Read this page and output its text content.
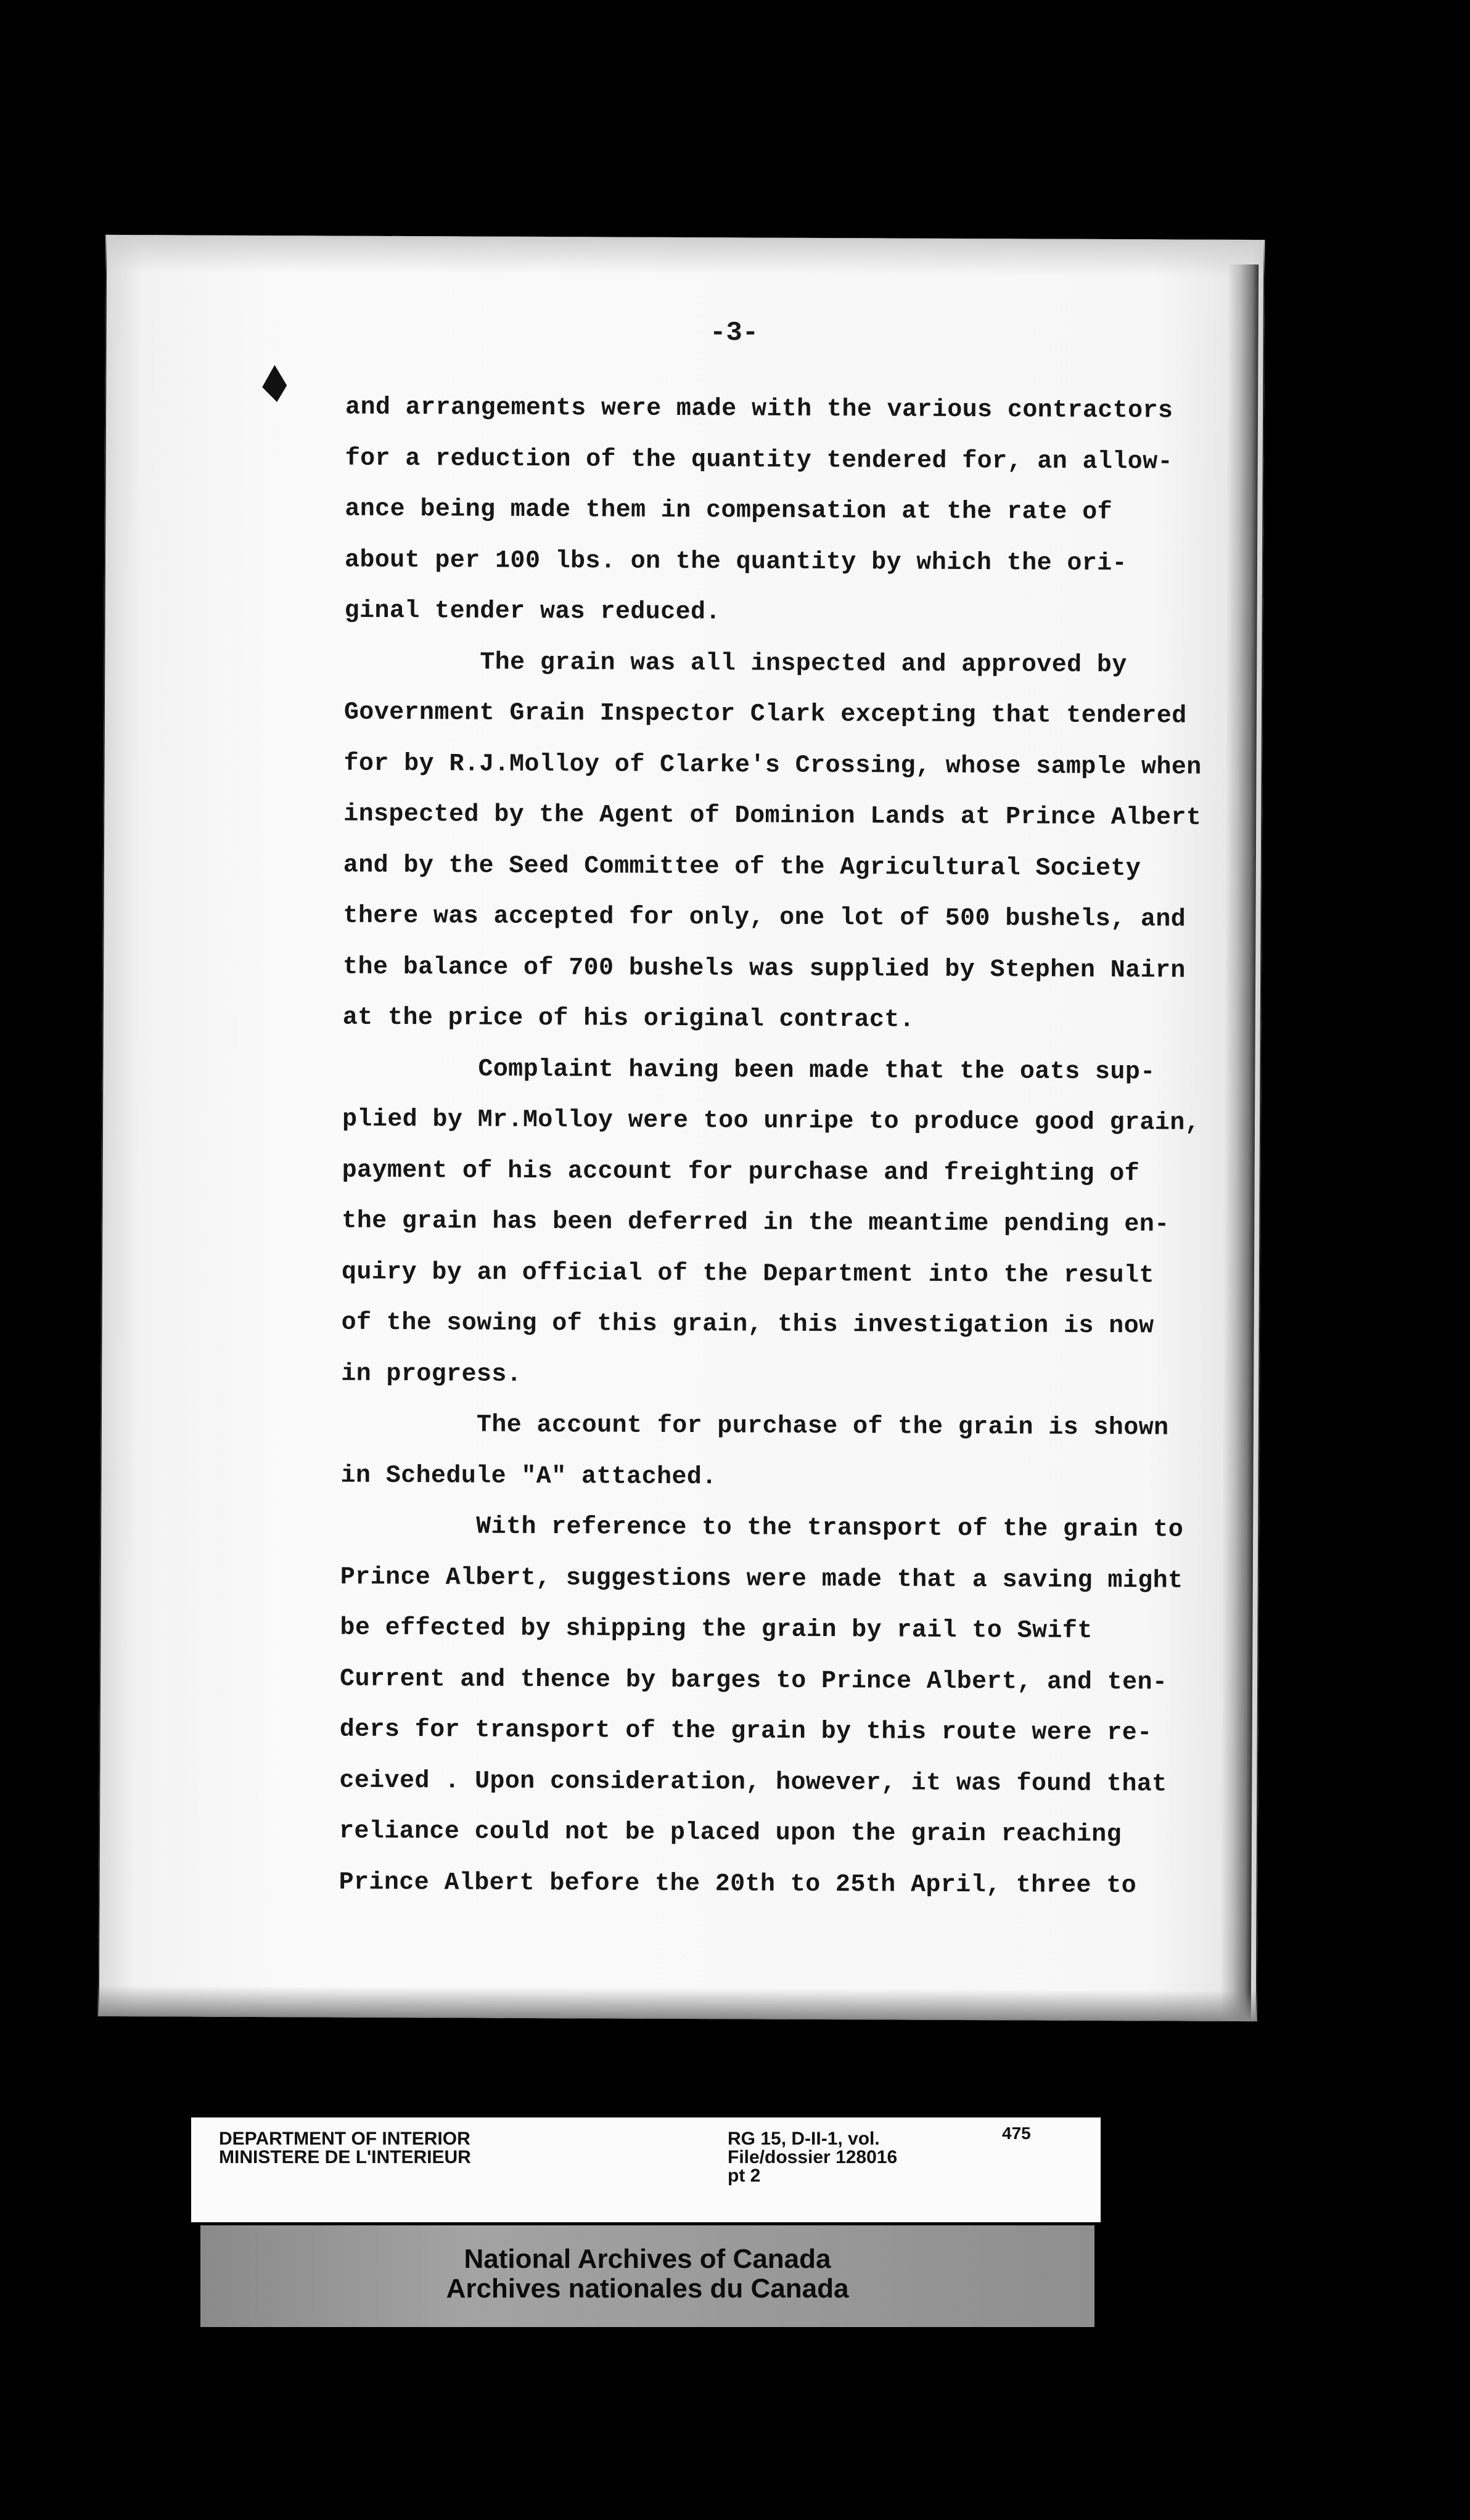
-3-
and arrangements were made with the various contractors
for a reduction of the quantity tendered for, an allow-
ance being made them in compensation at the rate of
about per 100 lbs. on the quantity by which the ori-
ginal tender was reduced.
The grain was all inspected and approved by
Government Grain Inspector Clark excepting that tendered
for by R.J.Molloy of Clarke's Crossing, whose sample when
inspected by the Agent of Dominion Lands at Prince Albert
and by the Seed Committee of the Agricultural Society
there was accepted for only, one lot of 500 bushels, and
the balance of 700 bushels was supplied by Stephen Nairn
at the price of his original contract.
Complaint having been made that the oats sup-
plied by Mr.Molloy were too unripe to produce good grain,
payment of his account for purchase and freighting of
the grain has been deferred in the meantime pending en-
quiry by an official of the Department into the result
of the sowing of this grain, this investigation is now
in progress.
The account for purchase of the grain is shown
in Schedule "A" attached.
With reference to the transport of the grain to
Prince Albert, suggestions were made that a saving might
be effected by shipping the grain by rail to Swift
Current and thence by barges to Prince Albert, and ten-
ders for transport of the grain by this route were re-
ceived . Upon consideration, however, it was found that
reliance could not be placed upon the grain reaching
Prince Albert before the 20th to 25th April, three to
DEPARTMENT OF INTERIOR
MINISTERE DE L'INTERIEUR
RG 15, D-II-1, vol.
File/dossier 128016
pt 2
475
National Archives of Canada
Archives nationales du Canada
